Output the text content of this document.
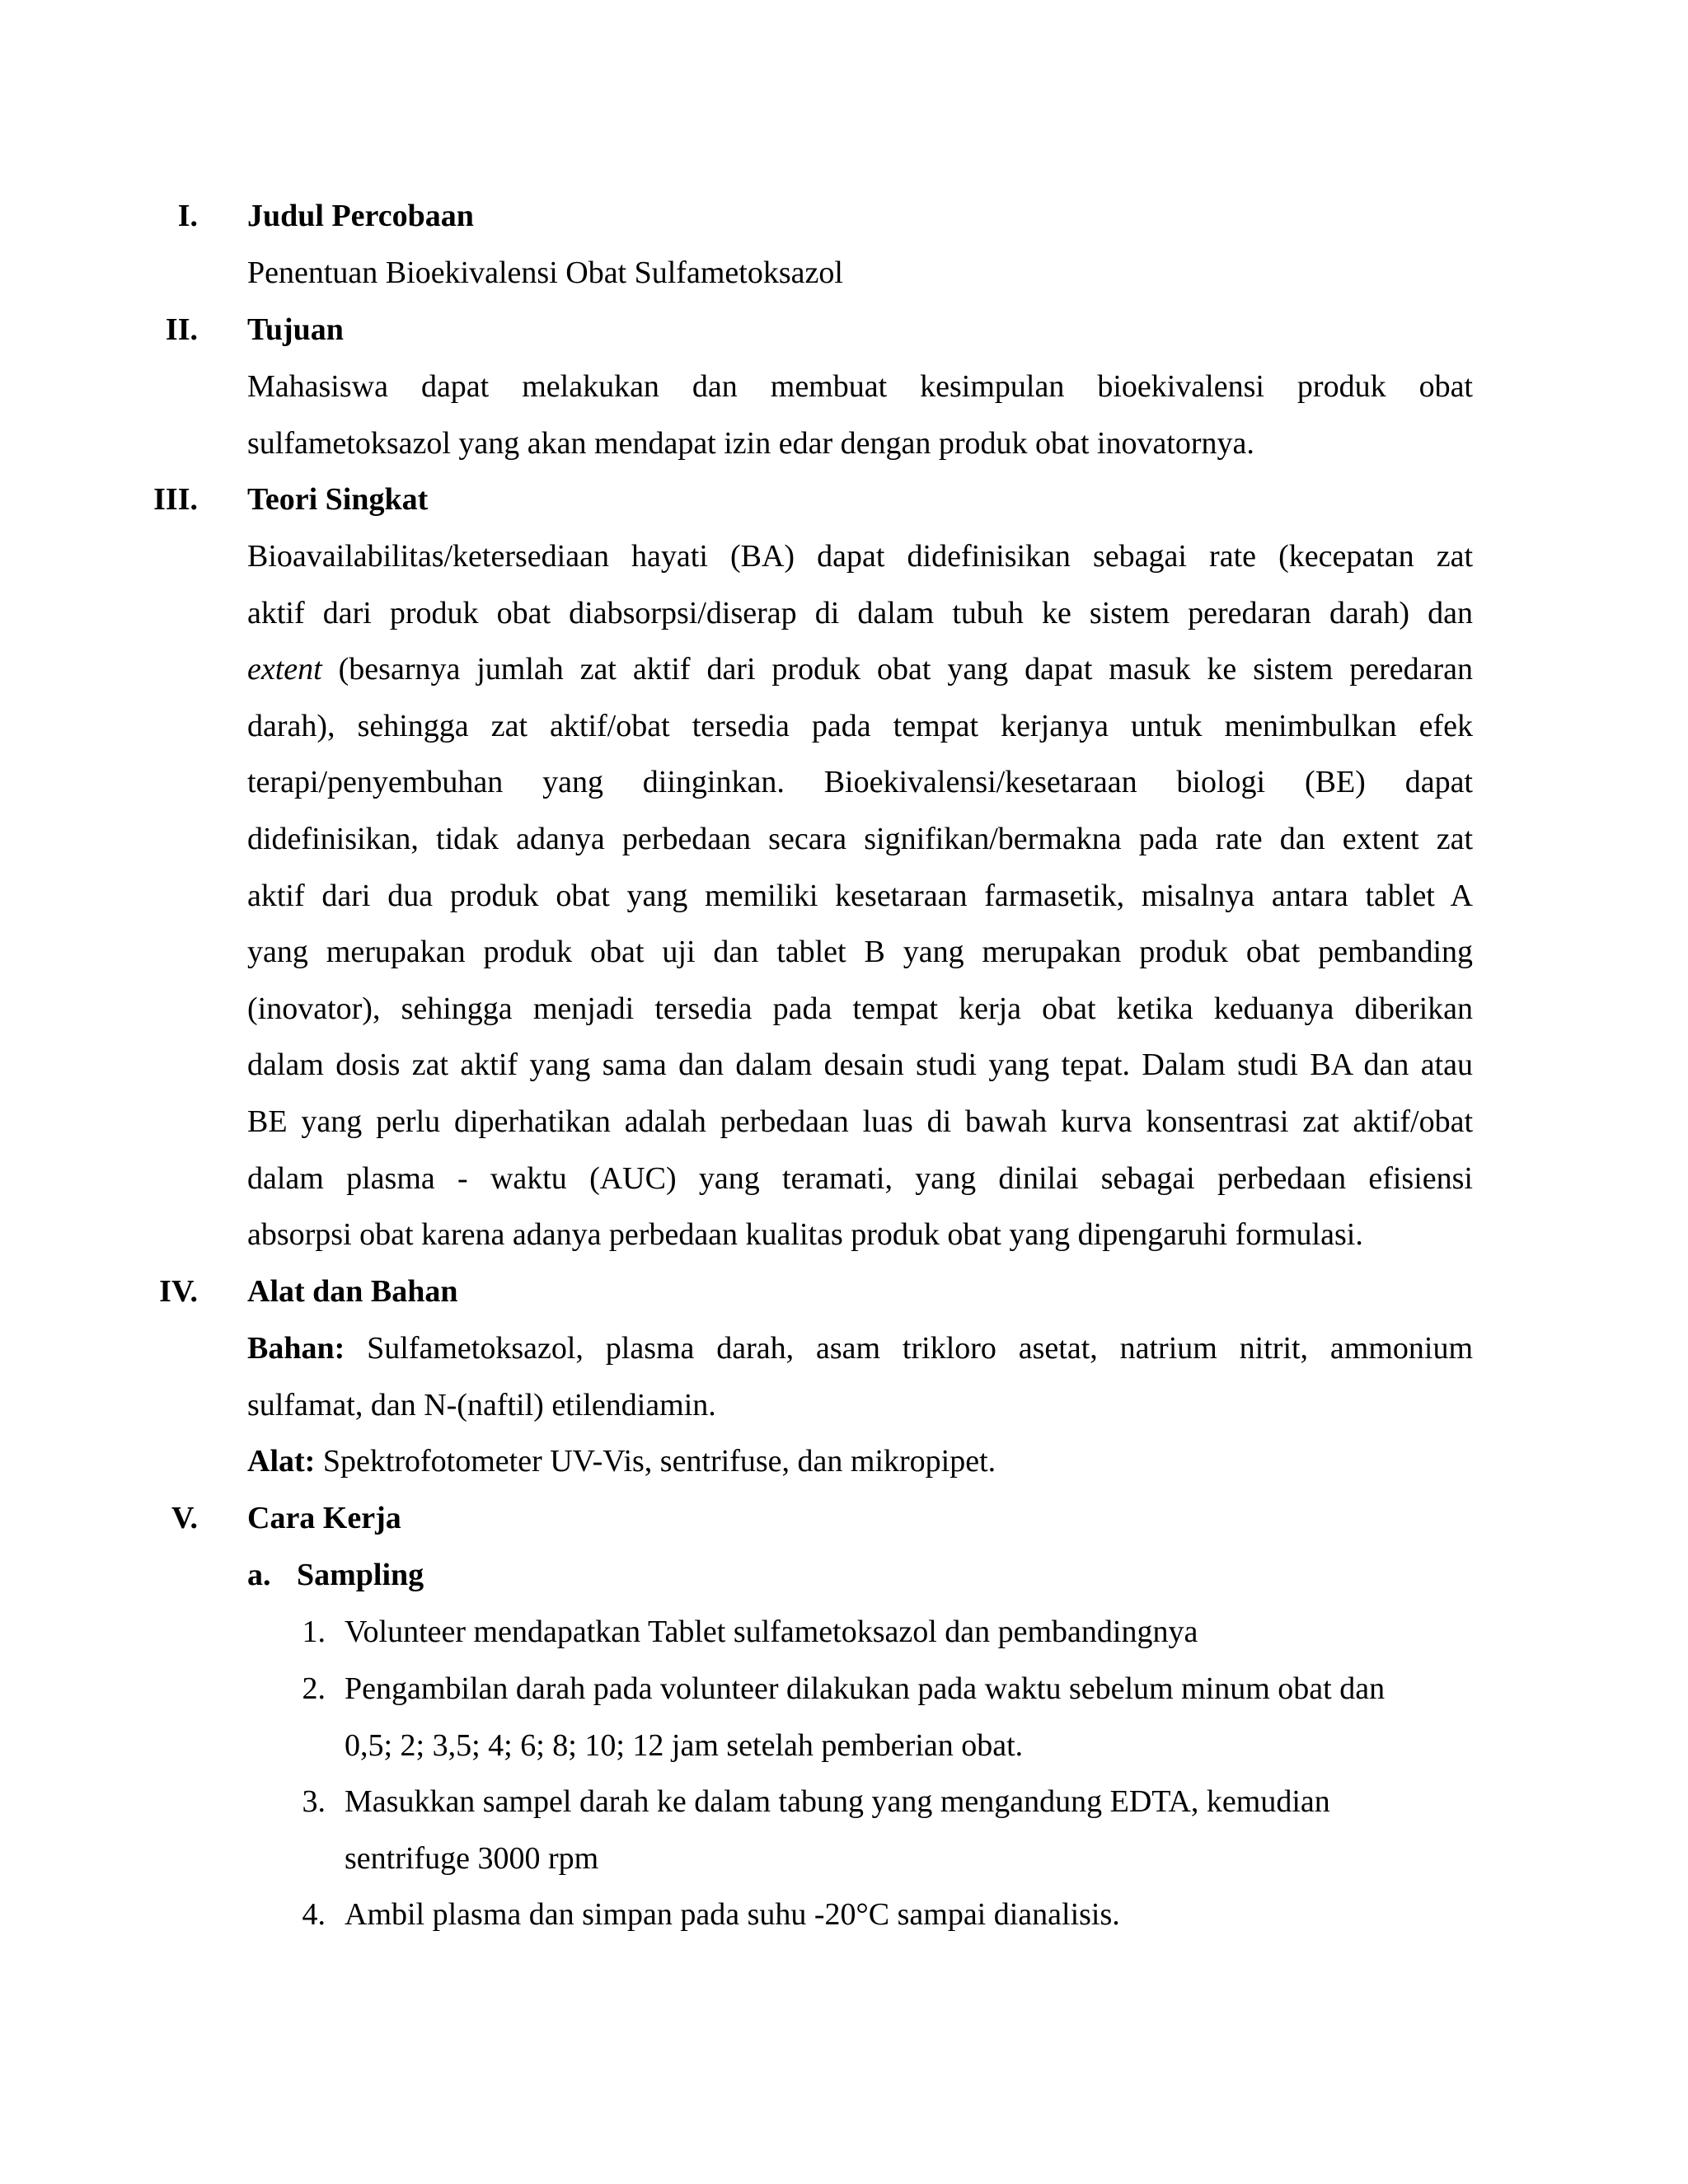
I. Judul Percobaan
Penentuan Bioekivalensi Obat Sulfametoksazol
II. Tujuan
Mahasiswa dapat melakukan dan membuat kesimpulan bioekivalensi produk obat
sulfametoksazol yang akan mendapat izin edar dengan produk obat inovatornya.
III. Teori Singkat
Bioavailabilitas/ketersediaan hayati (BA) dapat didefinisikan sebagai rate (kecepatan zat
aktif dari produk obat diabsorpsi/diserap di dalam tubuh ke sistem peredaran darah) dan
extent (besarnya jumlah zat aktif dari produk obat yang dapat masuk ke sistem peredaran
darah), sehingga zat aktif/obat tersedia pada tempat kerjanya untuk menimbulkan efek
terapi/penyembuhan yang diinginkan. Bioekivalensi/kesetaraan biologi (BE) dapat
didefinisikan, tidak adanya perbedaan secara signifikan/bermakna pada rate dan extent zat
aktif dari dua produk obat yang memiliki kesetaraan farmasetik, misalnya antara tablet A
yang merupakan produk obat uji dan tablet B yang merupakan produk obat pembanding
(inovator), sehingga menjadi tersedia pada tempat kerja obat ketika keduanya diberikan
dalam dosis zat aktif yang sama dan dalam desain studi yang tepat. Dalam studi BA dan atau
BE yang perlu diperhatikan adalah perbedaan luas di bawah kurva konsentrasi zat aktif/obat
dalam plasma - waktu (AUC) yang teramati, yang dinilai sebagai perbedaan efisiensi
absorpsi obat karena adanya perbedaan kualitas produk obat yang dipengaruhi formulasi.
IV. Alat dan Bahan
Bahan: Sulfametoksazol, plasma darah, asam trikloro asetat, natrium nitrit, ammonium
sulfamat, dan N-(naftil) etilendiamin.
Alat: Spektrofotometer UV-Vis, sentrifuse, dan mikropipet.
V. Cara Kerja
a. Sampling
1. Volunteer mendapatkan Tablet sulfametoksazol dan pembandingnya
2. Pengambilan darah pada volunteer dilakukan pada waktu sebelum minum obat dan
0,5; 2; 3,5; 4; 6; 8; 10; 12 jam setelah pemberian obat.
3. Masukkan sampel darah ke dalam tabung yang mengandung EDTA, kemudian
sentrifuge 3000 rpm
4. Ambil plasma dan simpan pada suhu -20°C sampai dianalisis.
